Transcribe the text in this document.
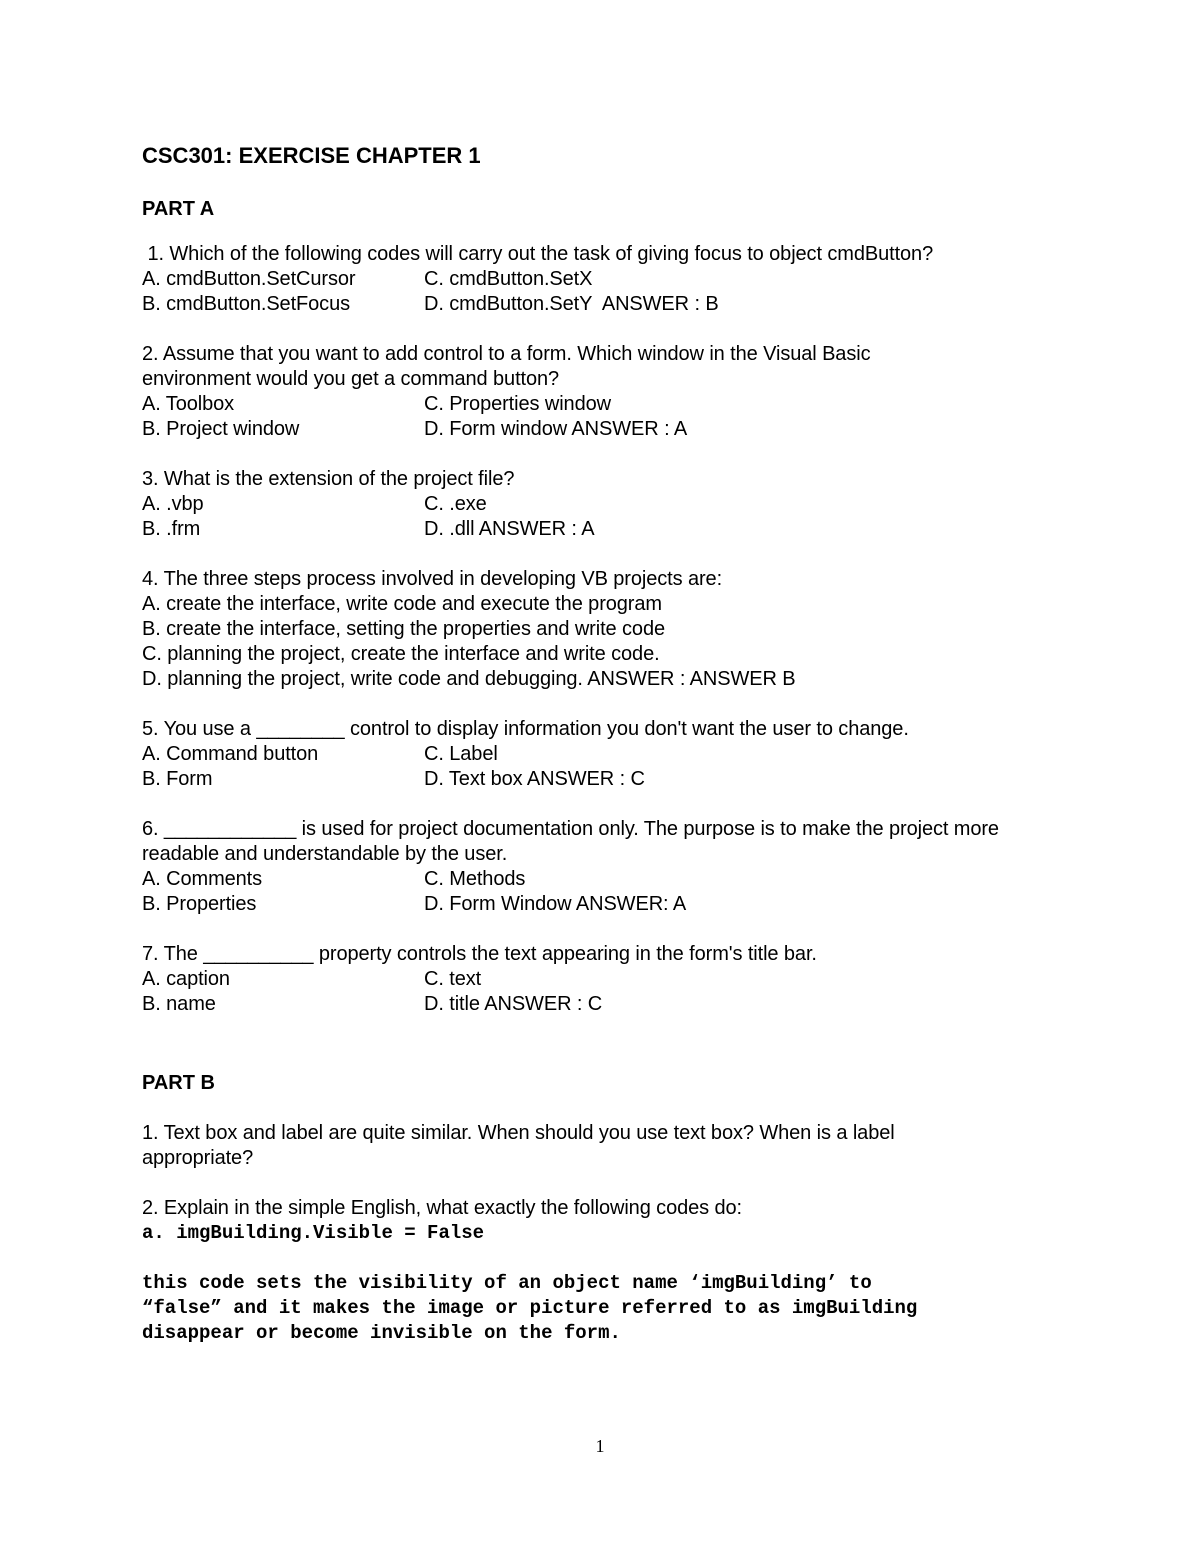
CSC301: EXERCISE CHAPTER 1
PART A
1. Which of the following codes will carry out the task of giving focus to object cmdButton?
A. cmdButton.SetCursor	C. cmdButton.SetX
B. cmdButton.SetFocus	D. cmdButton.SetY  ANSWER : B
2. Assume that you want to add control to a form. Which window in the Visual Basic environment would you get a command button?
A. Toolbox	C. Properties window
B. Project window	D. Form window ANSWER : A
3. What is the extension of the project file?
A. .vbp	C. .exe
B. .frm	D. .dll ANSWER : A
4. The three steps process involved in developing VB projects are:
A. create the interface, write code and execute the program
B. create the interface, setting the properties and write code
C. planning the project, create the interface and write code.
D. planning the project, write code and debugging. ANSWER : ANSWER B
5. You use a ________ control to display information you don't want the user to change.
A. Command button	C. Label
B. Form	D. Text box ANSWER : C
6. ____________ is used for project documentation only. The purpose is to make the project more readable and understandable by the user.
A. Comments	C. Methods
B. Properties	D. Form Window ANSWER: A
7. The __________ property controls the text appearing in the form's title bar.
A. caption	C. text
B. name	D. title ANSWER : C
PART B
1. Text box and label are quite similar. When should you use text box? When is a label appropriate?
2. Explain in the simple English, what exactly the following codes do:
a. imgBuilding.Visible = False
this code sets the visibility of an object name ‘imgBuilding’ to
“false” and it makes the image or picture referred to as imgBuilding
disappear or become invisible on the form.
1
